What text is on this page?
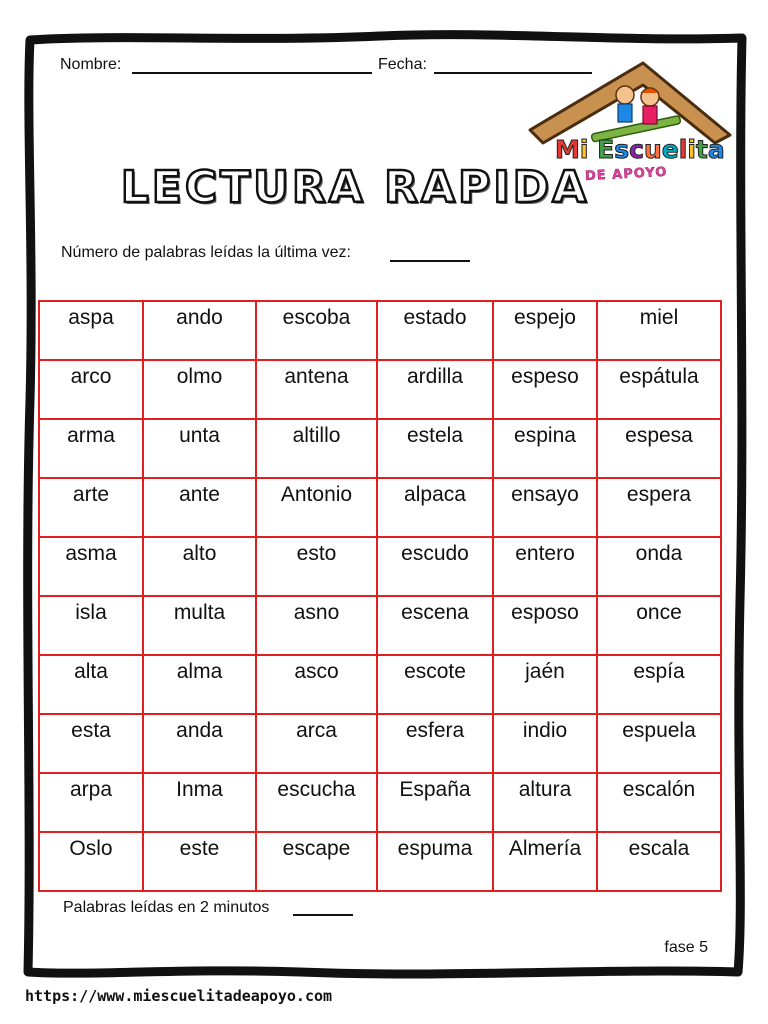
Nombre:	Fecha:
Mi Escuelita
DE APOYO
LECTURA RAPIDA
Número de palabras leídas la última vez:
aspa	ando	escoba	estado	espejo	miel
arco	olmo	antena	ardilla	espeso	espátula
arma	unta	altillo	estela	espina	espesa
arte	ante	Antonio	alpaca	ensayo	espera
asma	alto	esto	escudo	entero	onda
isla	multa	asno	escena	esposo	once
alta	alma	asco	escote	jaén	espía
esta	anda	arca	esfera	indio	espuela
arpa	Inma	escucha	España	altura	escalón
Oslo	este	escape	espuma	Almería	escala
Palabras leídas en 2 minutos
fase 5
https://www.miescuelitadeapoyo.com
